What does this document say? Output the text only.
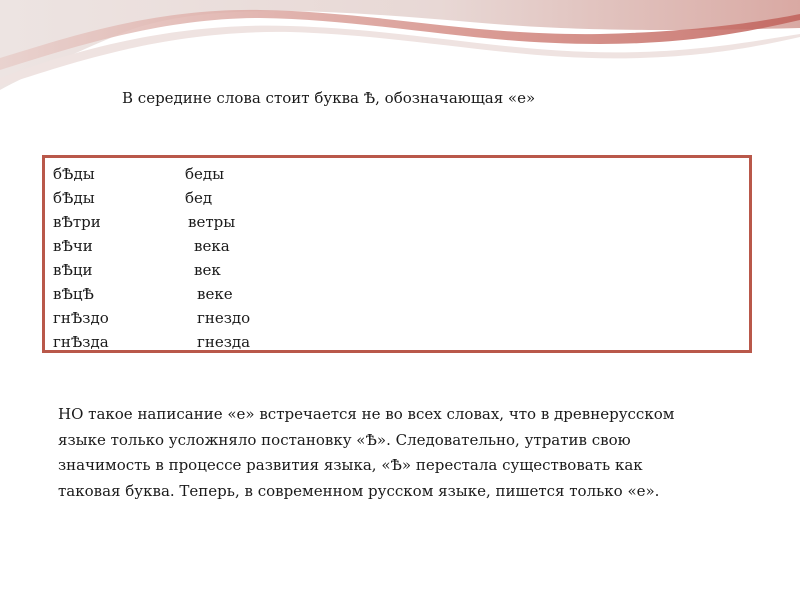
В середине слова стоит буква Ѣ, обозначающая «е»
бѢды	беды
бѢды	бед
вѢтри	ветры
вѢчи	века
вѢци	век
вѢцѢ	веке
гнѢздо	гнездо
гнѢзда	гнезда
НО такое написание «е» встречается не во всех словах, что в древнерусском
языке только усложняло постановку «Ѣ». Следовательно, утратив свою
значимость в процессе развития языка, «Ѣ» перестала существовать как
таковая буква. Теперь, в современном русском языке, пишется только «е».
